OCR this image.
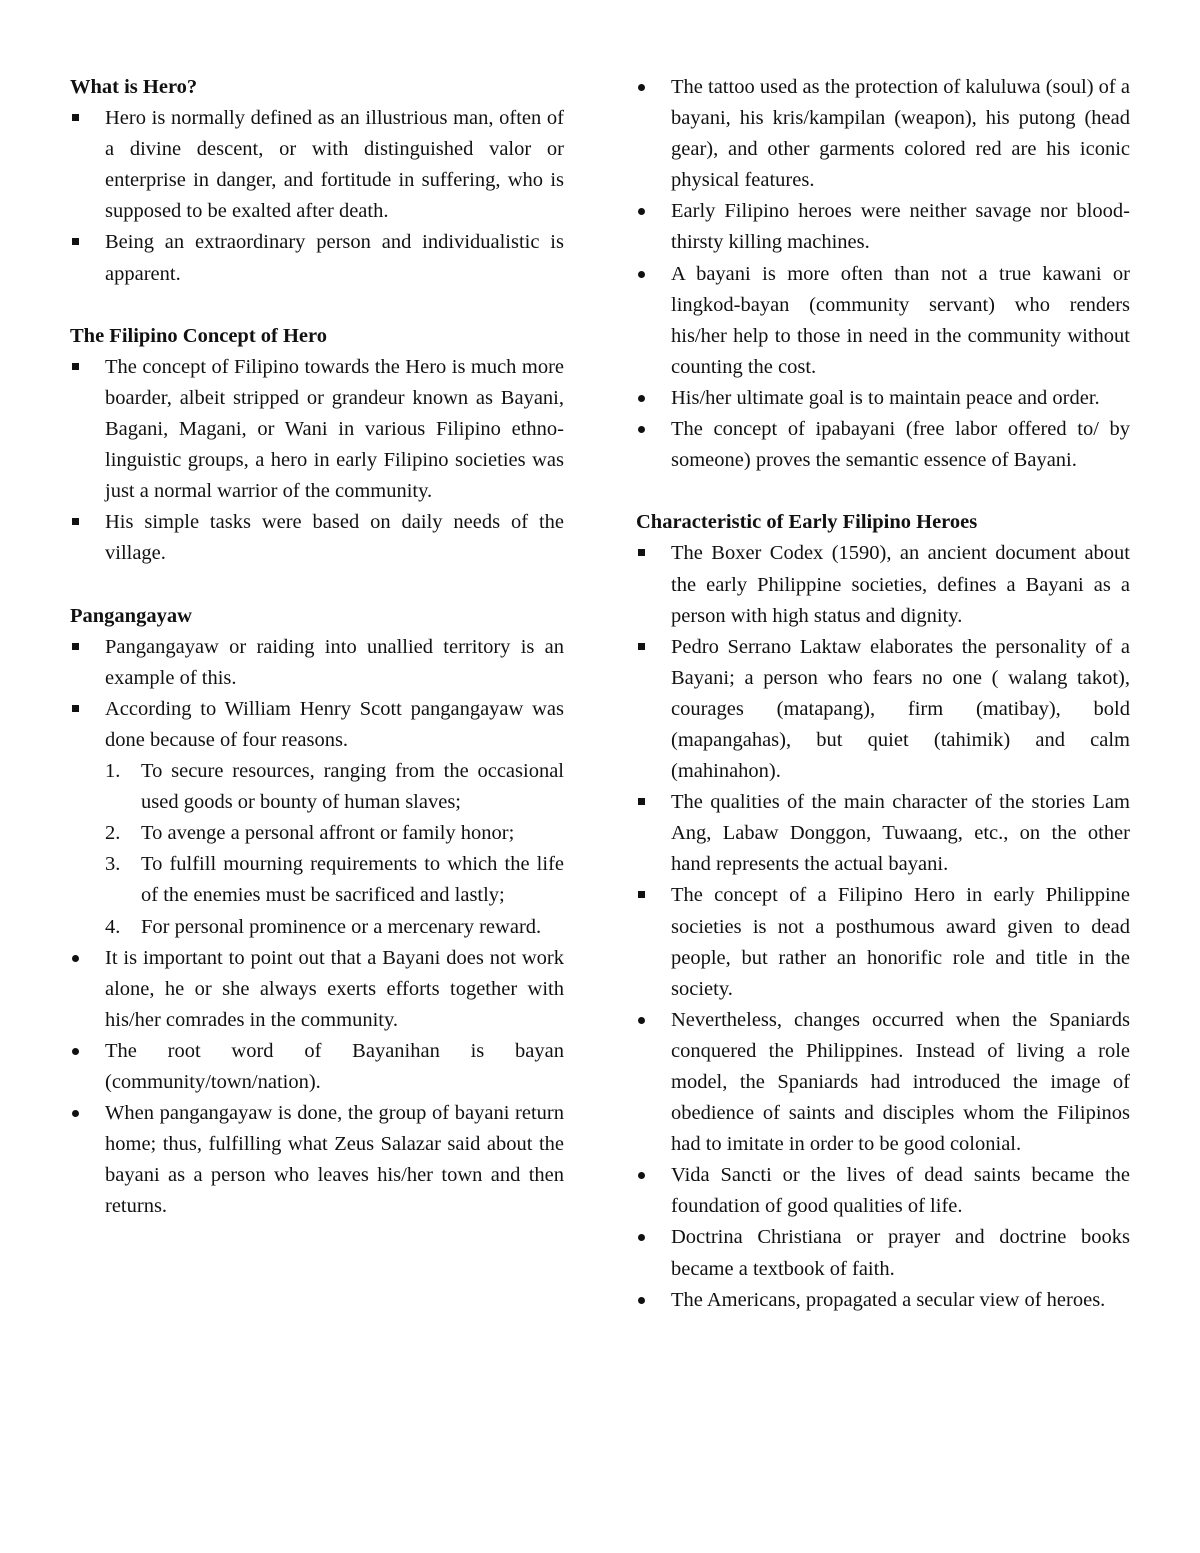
What is Hero?

Hero is normally defined as an illustrious man, often of a divine descent, or with distinguished valor or enterprise in danger, and fortitude in suffering, who is supposed to be exalted after death.
Being an extraordinary person and individualistic is apparent.

The Filipino Concept of Hero

The concept of Filipino towards the Hero is much more boarder, albeit stripped or grandeur known as Bayani, Bagani, Magani, or Wani in various Filipino ethno-linguistic groups, a hero in early Filipino societies was just a normal warrior of the community.
His simple tasks were based on daily needs of the village.

Pangangayaw

Pangangayaw or raiding into unallied territory is an example of this.
According to William Henry Scott pangangayaw was done because of four reasons.
1. To secure resources, ranging from the occasional used goods or bounty of human slaves;
2. To avenge a personal affront or family honor;
3. To fulfill mourning requirements to which the life of the enemies must be sacrificed and lastly;
4. For personal prominence or a mercenary reward.
It is important to point out that a Bayani does not work alone, he or she always exerts efforts together with his/her comrades in the community.
The root word of Bayanihan is bayan (community/town/nation).
When pangangayaw is done, the group of bayani return home; thus, fulfilling what Zeus Salazar said about the bayani as a person who leaves his/her town and then returns.
The tattoo used as the protection of kaluluwa (soul) of a bayani, his kris/kampilan (weapon), his putong (head gear), and other garments colored red are his iconic physical features.
Early Filipino heroes were neither savage nor blood-thirsty killing machines.
A bayani is more often than not a true kawani or lingkod-bayan (community servant) who renders his/her help to those in need in the community without counting the cost.
His/her ultimate goal is to maintain peace and order.
The concept of ipabayani (free labor offered to/ by someone) proves the semantic essence of Bayani.

Characteristic of Early Filipino Heroes

The Boxer Codex (1590), an ancient document about the early Philippine societies, defines a Bayani as a person with high status and dignity.
Pedro Serrano Laktaw elaborates the personality of a Bayani; a person who fears no one ( walang takot), courages (matapang), firm (matibay), bold (mapangahas), but quiet (tahimik) and calm (mahinahon).
The qualities of the main character of the stories Lam Ang, Labaw Donggon, Tuwaang, etc., on the other hand represents the actual bayani.
The concept of a Filipino Hero in early Philippine societies is not a posthumous award given to dead people, but rather an honorific role and title in the society.
Nevertheless, changes occurred when the Spaniards conquered the Philippines. Instead of living a role model, the Spaniards had introduced the image of obedience of saints and disciples whom the Filipinos had to imitate in order to be good colonial.
Vida Sancti or the lives of dead saints became the foundation of good qualities of life.
Doctrina Christiana or prayer and doctrine books became a textbook of faith.
The Americans, propagated a secular view of heroes.
